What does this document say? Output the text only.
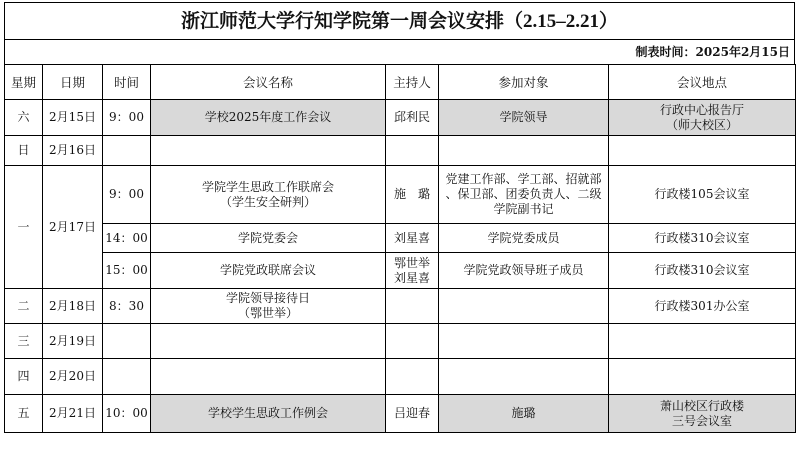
浙江师范大学行知学院第一周会议安排（2.15–2.21）
制表时间：2025年2月15日
星期	日期	时间	会议名称	主持人	参加对象	会议地点
六	2月15日	9：00	学校2025年度工作会议	邱利民	学院领导	行政中心报告厅
（师大校区）
日	2月16日					
一	2月17日	9：00	学院学生思政工作联席会
（学生安全研判）	施　璐	党建工作部、学工部、招就部
、保卫部、团委负责人、二级
学院副书记	行政楼105会议室
		14：00	学院党委会	刘星喜	学院党委成员	行政楼310会议室
		15：00	学院党政联席会议	鄂世举
刘星喜	学院党政领导班子成员	行政楼310会议室
二	2月18日	8：30	学院领导接待日
（鄂世举）			行政楼301办公室
三	2月19日					
四	2月20日					
五	2月21日	10：00	学校学生思政工作例会	吕迎春	施璐	萧山校区行政楼
三号会议室
